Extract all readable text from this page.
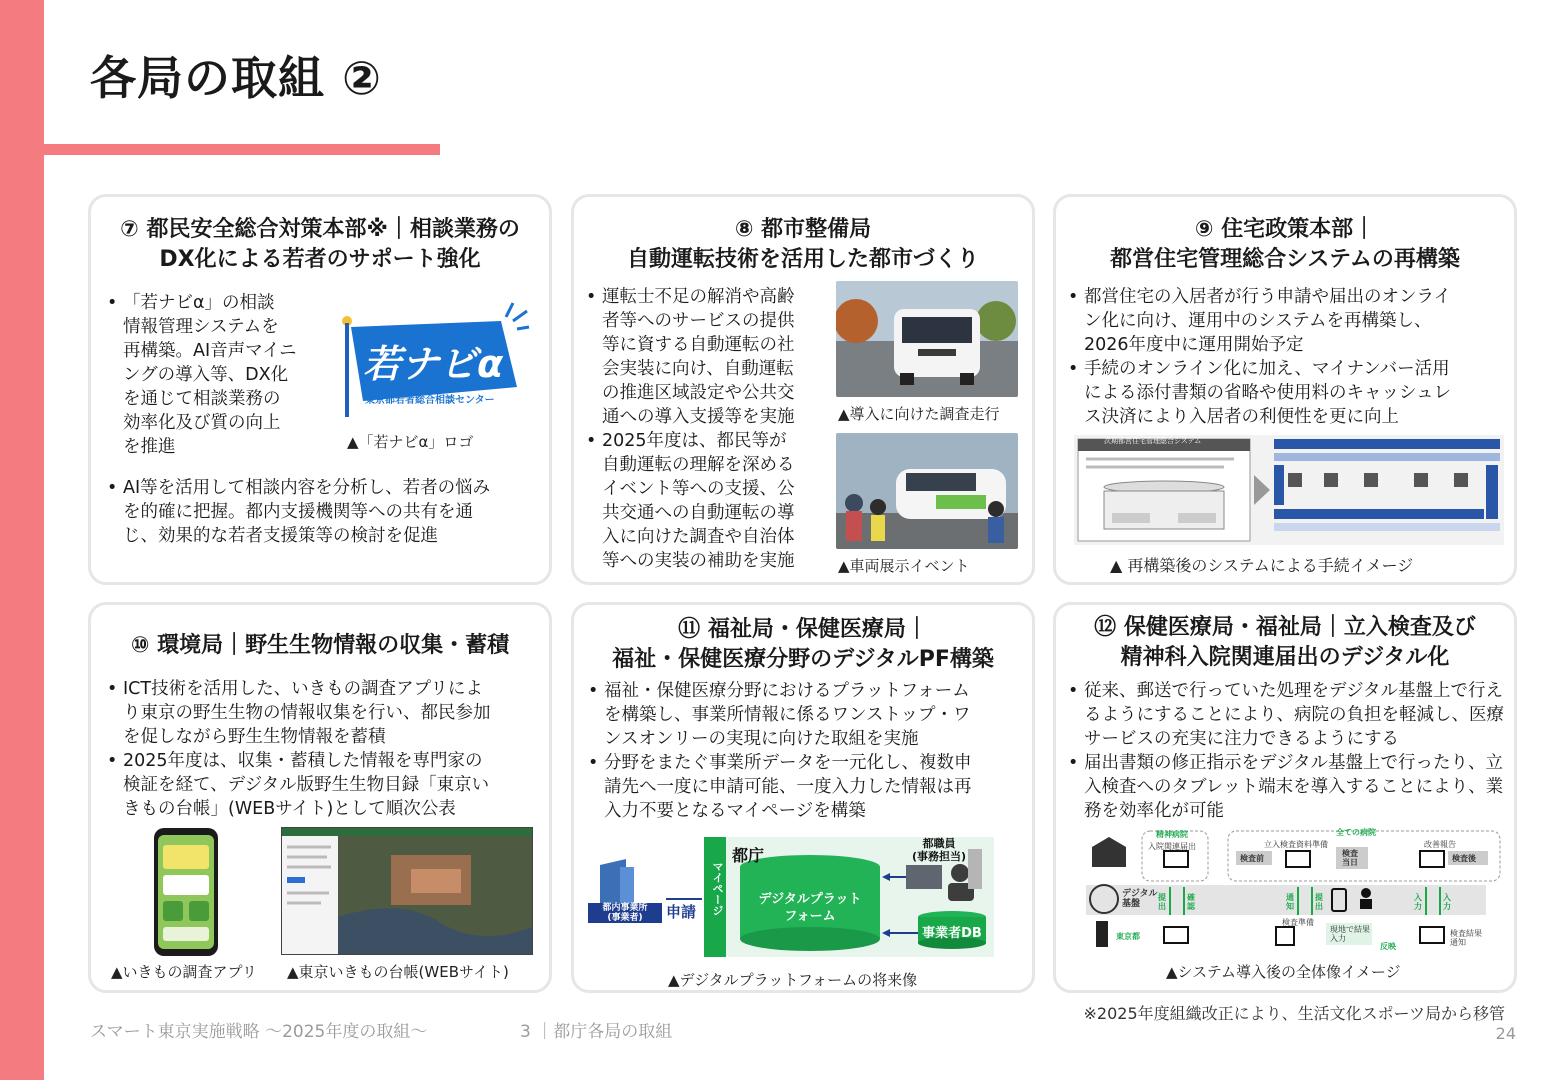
各局の取組 ②
⑦ 都民安全総合対策本部※｜相談業務の
DX化による若者のサポート強化
• 「若ナビα」の相談
情報管理システムを
再構築。AI音声マイニ
ングの導入等、DX化
を通じて相談業務の
効率化及び質の向上
を推進
• AI等を活用して相談内容を分析し、若者の悩み
を的確に把握。都内支援機関等への共有を通
じ、効果的な若者支援策等の検討を促進
若ナビα
東京都若者総合相談センター
▲「若ナビα」ロゴ
⑧ 都市整備局
自動運転技術を活用した都市づくり
• 運転士不足の解消や高齢
者等へのサービスの提供
等に資する自動運転の社
会実装に向け、自動運転
の推進区域設定や公共交
通への導入支援等を実施
• 2025年度は、都民等が
自動運転の理解を深める
イベント等への支援、公
共交通への自動運転の導
入に向けた調査や自治体
等への実装の補助を実施
▲導入に向けた調査走行
▲車両展示イベント
⑨ 住宅政策本部｜
都営住宅管理総合システムの再構築
• 都営住宅の入居者が行う申請や届出のオンライ
ン化に向け、運用中のシステムを再構築し、
2026年度中に運用開始予定
• 手続のオンライン化に加え、マイナンバー活用
による添付書類の省略や使用料のキャッシュレ
ス決済により入居者の利便性を更に向上
次期都営住宅管理総合システム
▲ 再構築後のシステムによる手続イメージ
⑩ 環境局｜野生生物情報の収集・蓄積
• ICT技術を活用した、いきもの調査アプリによ
り東京の野生生物の情報収集を行い、都民参加
を促しながら野生生物情報を蓄積
• 2025年度は、収集・蓄積した情報を専門家の
検証を経て、デジタル版野生生物目録「東京い
きもの台帳」(WEBサイト)として順次公表
▲いきもの調査アプリ ▲東京いきもの台帳(WEBサイト)
⑪ 福祉局・保健医療局｜
福祉・保健医療分野のデジタルPF構築
• 福祉・保健医療分野におけるプラットフォーム
を構築し、事業所情報に係るワンストップ・ワ
ンスオンリーの実現に向けた取組を実施
• 分野をまたぐ事業所データを一元化し、複数申
請先へ一度に申請可能、一度入力した情報は再
入力不要となるマイページを構築
都庁
都内事業所
(事業者)	申請	マイページ	デジタルプラット
フォーム
都職員
(事務担当)
事業者DB
▲デジタルプラットフォームの将来像
⑫ 保健医療局・福祉局｜立入検査及び
精神科入院関連届出のデジタル化
• 従来、郵送で行っていた処理をデジタル基盤上で行え
るようにすることにより、病院の負担を軽減し、医療
サービスの充実に注力できるようにする
• 届出書類の修正指示をデジタル基盤上で行ったり、立
入検査へのタブレット端末を導入することにより、業
務を効率化が可能
精神病院	全ての病院
入院関連届出	立入検査資料準備	改善報告
検査前
検査
当日	検査後
デジタル
基盤
提出
確認
通知
提出
入力
入力
東京都
検査準備
現地で結果
入力
反映
検査結果
通知
▲システム導入後の全体像イメージ
※2025年度組織改正により、生活文化スポーツ局から移管
スマート東京実施戦略 ～2025年度の取組～	3 ｜都庁各局の取組	24
